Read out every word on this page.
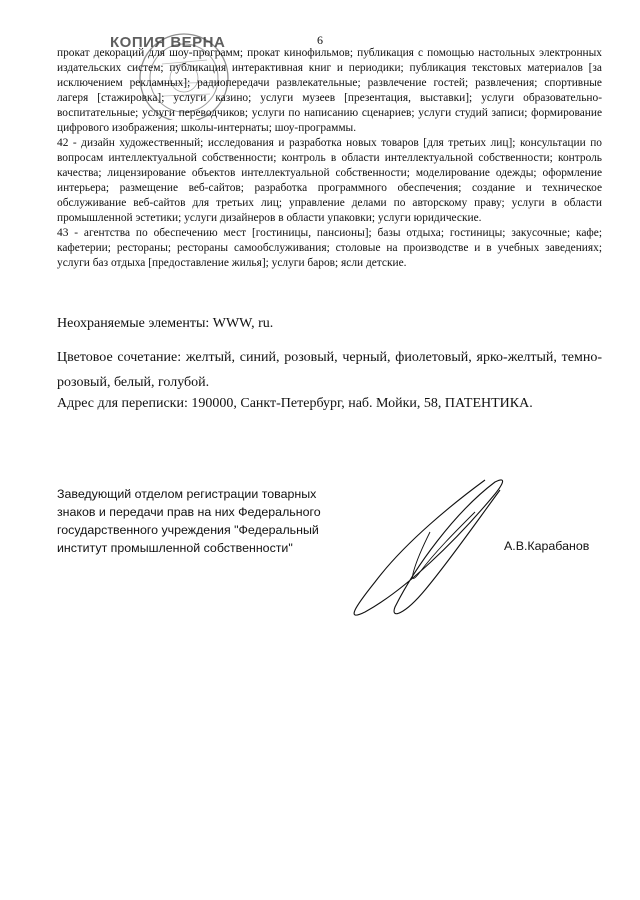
6
КОПИЯ ВЕРНА

прокат декораций для шоу-программ; прокат кинофильмов; публикация с помощью настольных электронных издательских систем; публикация интерактивная книг и периодики; публикация текстовых материалов [за исключением рекламных]; радиопередачи развлекательные; развлечение гостей; развлечения; спортивные лагеря [стажировка]; услуги казино; услуги музеев [презентация, выставки]; услуги образовательно-воспитательные; услуги переводчиков; услуги по написанию сценариев; услуги студий записи; формирование цифрового изображения; школы-интернаты; шоу-программы.

42 - дизайн художественный; исследования и разработка новых товаров [для третьих лиц]; консультации по вопросам интеллектуальной собственности; контроль в области интеллектуальной собственности; контроль качества; лицензирование объектов интеллектуальной собственности; моделирование одежды; оформление интерьера; размещение веб-сайтов; разработка программного обеспечения; создание и техническое обслуживание веб-сайтов для третьих лиц; управление делами по авторскому праву; услуги в области промышленной эстетики; услуги дизайнеров в области упаковки; услуги юридические.

43 - агентства по обеспечению мест [гостиницы, пансионы]; базы отдыха; гостиницы; закусочные; кафе; кафетерии; рестораны; рестораны самообслуживания; столовые на производстве и в учебных заведениях; услуги баз отдыха [предоставление жилья]; услуги баров; ясли детские.

Неохраняемые элементы: WWW, ru.

Цветовое сочетание: желтый, синий, розовый, черный, фиолетовый, ярко-желтый, темно-розовый, белый, голубой.

Адрес для переписки: 190000, Санкт-Петербург, наб. Мойки, 58, ПАТЕНТИКА.

Заведующий отделом регистрации товарных
знаков и передачи прав на них Федерального
государственного учреждения "Федеральный
институт промышленной собственности"	А.В.Карабанов
